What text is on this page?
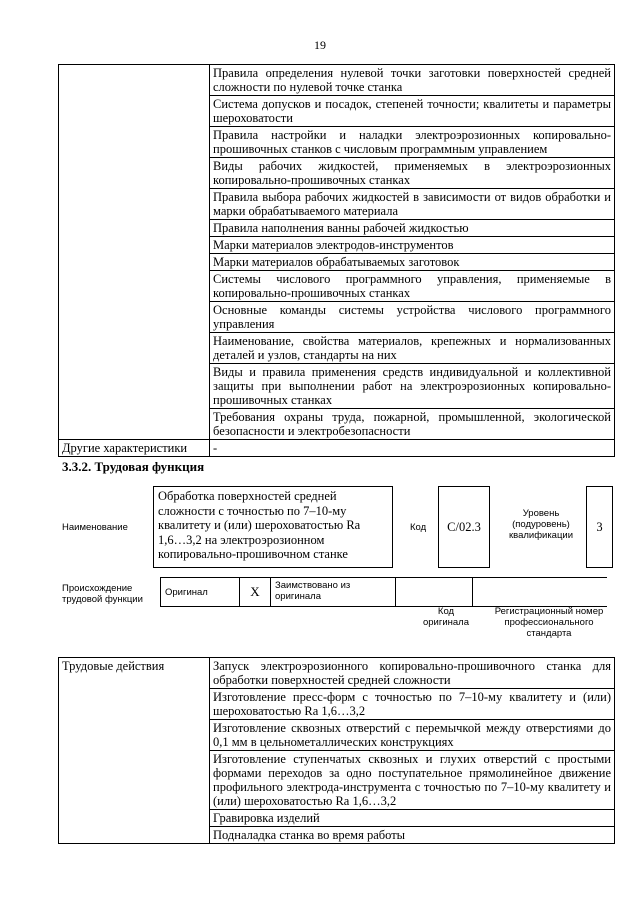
19
	Правила определения нулевой точки заготовки поверхностей средней сложности по нулевой точке станка
	Система допусков и посадок, степеней точности; квалитеты и параметры шероховатости
	Правила настройки и наладки электроэрозионных копировально-прошивочных станков с числовым программным управлением
	Виды рабочих жидкостей, применяемых в электроэрозионных копировально-прошивочных станках
	Правила выбора рабочих жидкостей в зависимости от видов обработки и марки обрабатываемого материала
	Правила наполнения ванны рабочей жидкостью
	Марки материалов электродов-инструментов
	Марки материалов обрабатываемых заготовок
	Системы числового программного управления, применяемые в копировально-прошивочных станках
	Основные команды системы устройства числового программного управления
	Наименование, свойства материалов, крепежных и нормализованных деталей и узлов, стандарты на них
	Виды и правила применения средств индивидуальной и коллективной защиты при выполнении работ на электроэрозионных копировально-прошивочных станках
	Требования охраны труда, пожарной, промышленной, экологической безопасности и электробезопасности
Другие характеристики	-
3.3.2. Трудовая функция
Наименование
Обработка поверхностей средней сложности с точностью по 7–10-му квалитету и (или) шероховатостью Ra 1,6…3,2 на электроэрозионном копировально-прошивочном станке
Код	C/02.3
Уровень (подуровень) квалификации
3
Происхождение трудовой функции
Оригинал	X	Заимствовано из оригинала		
Код оригинала
Регистрационный номер профессионального стандарта
Трудовые действия	Запуск электроэрозионного копировально-прошивочного станка для обработки поверхностей средней сложности
Изготовление пресс-форм с точностью по 7–10-му квалитету и (или) шероховатостью Ra 1,6…3,2
Изготовление сквозных отверстий с перемычкой между отверстиями до 0,1 мм в цельнометаллических конструкциях
Изготовление ступенчатых сквозных и глухих отверстий с простыми формами переходов за одно поступательное прямолинейное движение профильного электрода-инструмента с точностью по 7–10-му квалитету и (или) шероховатостью Ra 1,6…3,2
Гравировка изделий
Подналадка станка во время работы
